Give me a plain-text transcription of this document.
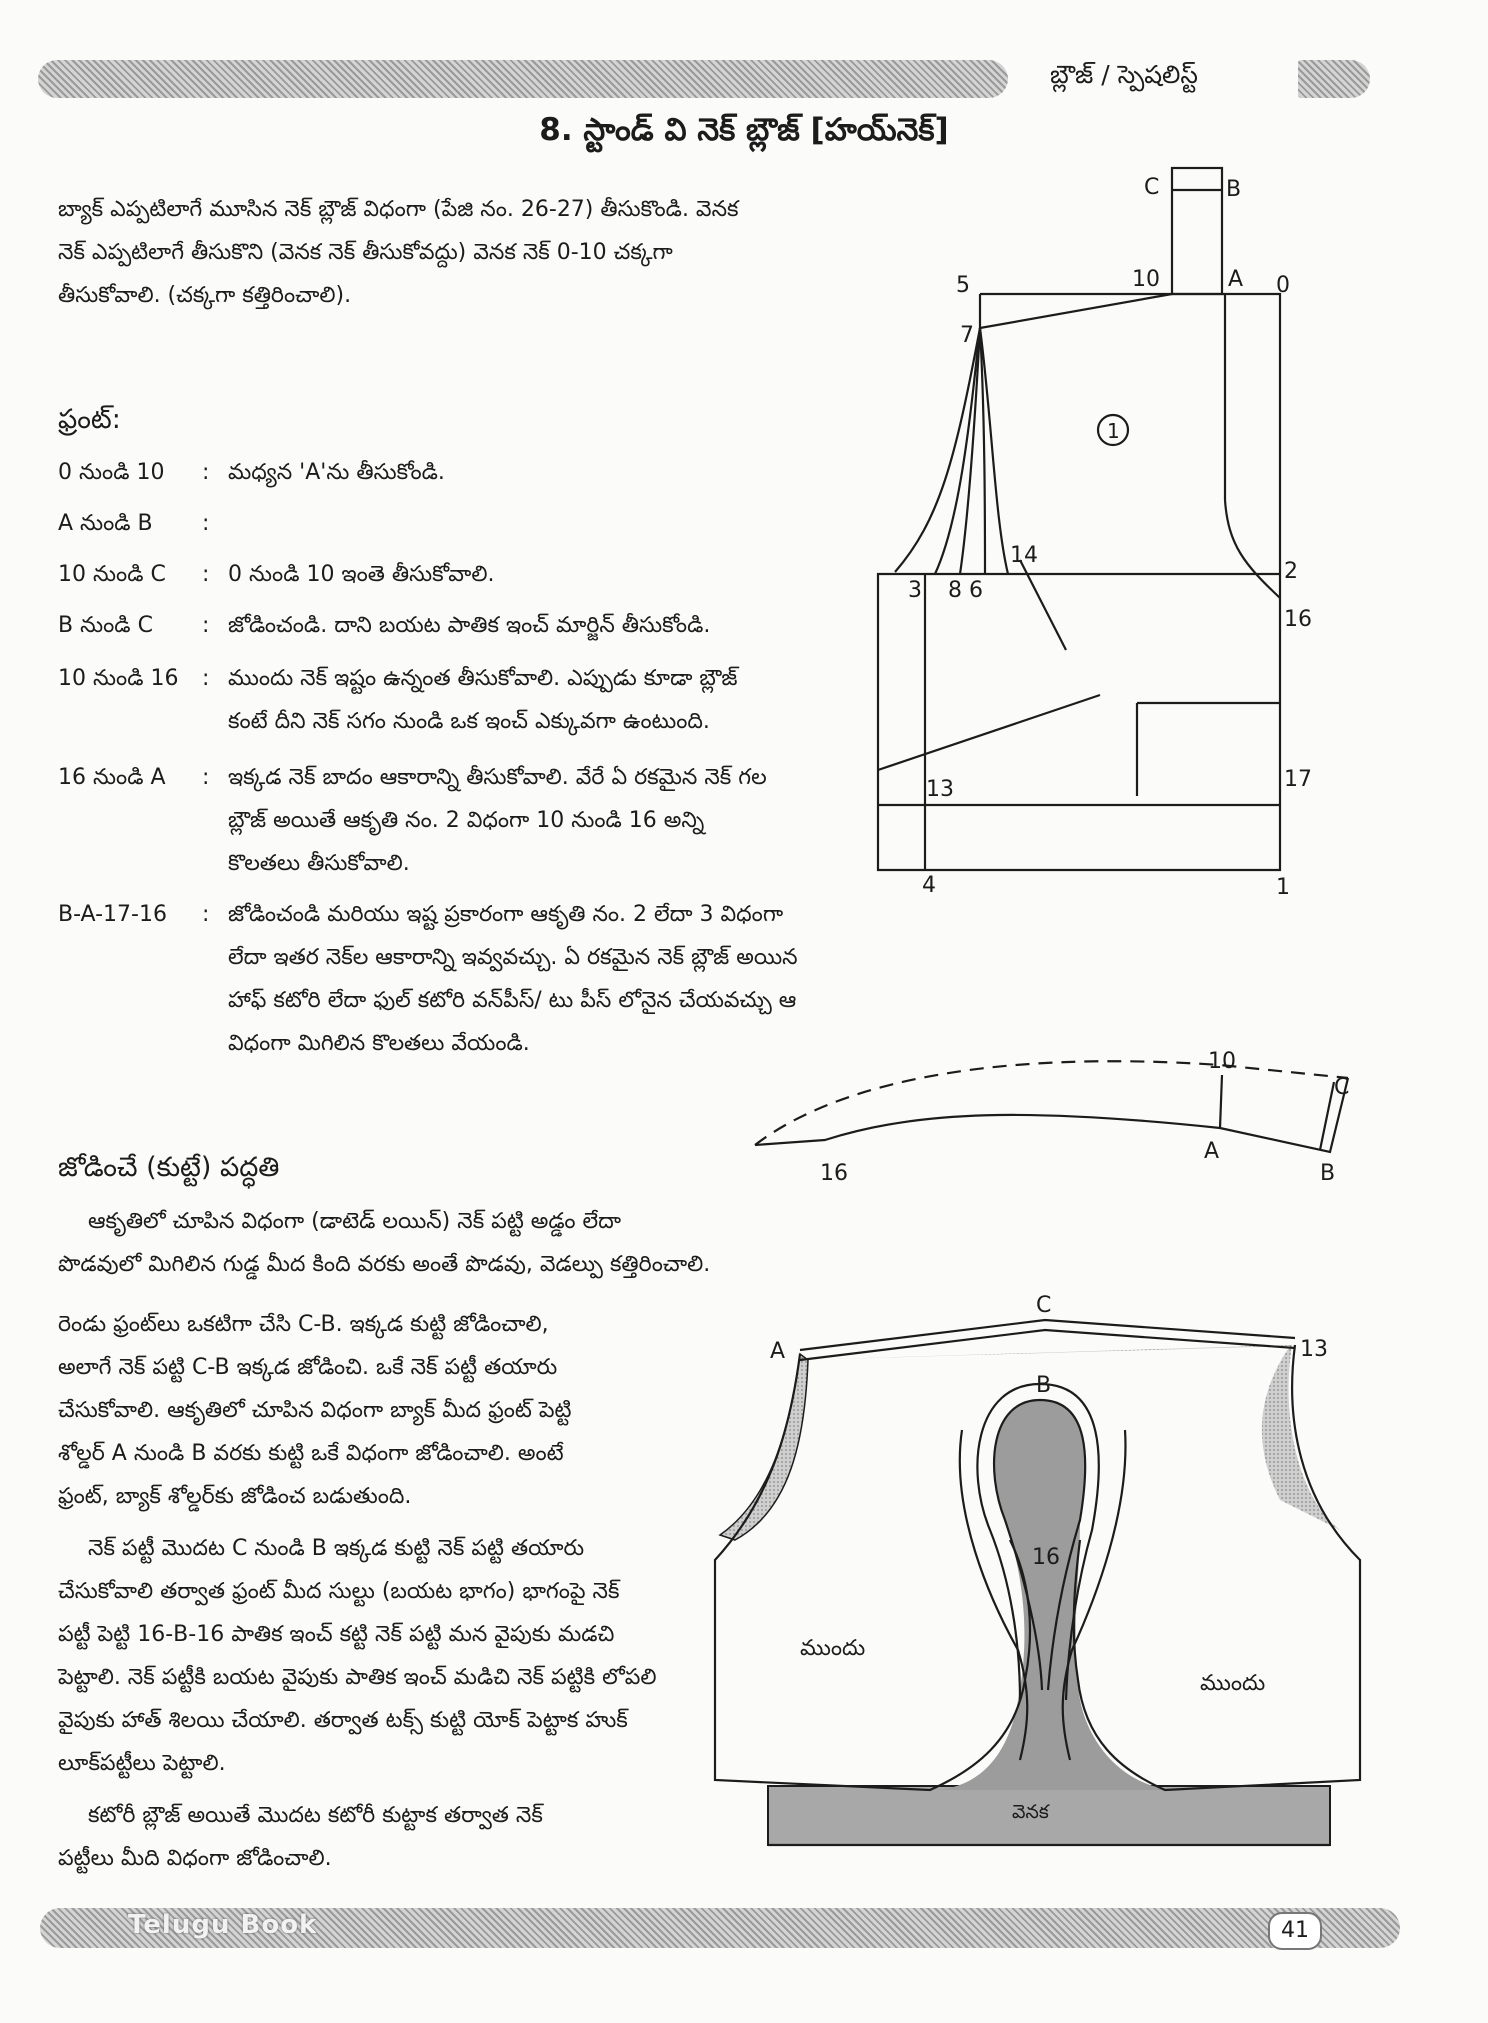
బ్లౌజ్ / స్పెషలిస్ట్
8. స్టాండ్ వి నెక్ బ్లౌజ్ [హయ్‌నెక్]
బ్యాక్ ఎప్పటిలాగే మూసిన నెక్ బ్లౌజ్ విధంగా (పేజి నం. 26-27) తీసుకొండి. వెనక
నెక్ ఎప్పటిలాగే తీసుకొని (వెనక నెక్ తీసుకోవద్దు) వెనక నెక్ 0-10 చక్కగా
తీసుకోవాలి. (చక్కగా కత్తిరించాలి).
ఫ్రంట్:
0 నుండి 10 : మధ్యన 'A'ను తీసుకోండి.
A నుండి B :
10 నుండి C : 0 నుండి 10 ఇంతె తీసుకోవాలి.
B నుండి C : జోడించండి. దాని బయట పాతిక ఇంచ్ మార్జిన్ తీసుకోండి.
10 నుండి 16 : ముందు నెక్ ఇష్టం ఉన్నంత తీసుకోవాలి. ఎప్పుడు కూడా బ్లౌజ్
కంటే దీని నెక్ సగం నుండి ఒక ఇంచ్ ఎక్కువగా ఉంటుంది.
16 నుండి A : ఇక్కడ నెక్ బాదం ఆకారాన్ని తీసుకోవాలి. వేరే ఏ రకమైన నెక్ గల
బ్లౌజ్ అయితే ఆకృతి నం. 2 విధంగా 10 నుండి 16 అన్ని
కొలతలు తీసుకోవాలి.
B-A-17-16 : జోడించండి మరియు ఇష్ట ప్రకారంగా ఆకృతి నం. 2 లేదా 3 విధంగా
లేదా ఇతర నెక్‌ల ఆకారాన్ని ఇవ్వవచ్చు. ఏ రకమైన నెక్ బ్లౌజ్ అయిన
హాఫ్ కటోరి లేదా ఫుల్ కటోరి వన్‌పీస్/ టు పీస్ లోనైన చేయవచ్చు ఆ
విధంగా మిగిలిన కొలతలు వేయండి.
జోడించే (కుట్టే) పద్ధతి
ఆకృతిలో చూపిన విధంగా (డాటెడ్ లయిన్) నెక్ పట్టి అడ్డం లేదా
పొడవులో మిగిలిన గుడ్డ మీద కింది వరకు అంతే పొడవు, వెడల్పు కత్తిరించాలి.
రెండు ఫ్రంట్‌లు ఒకటిగా చేసి C-B. ఇక్కడ కుట్టి జోడించాలి,
అలాగే నెక్ పట్టి C-B ఇక్కడ జోడించి. ఒకే నెక్ పట్టీ తయారు
చేసుకోవాలి. ఆకృతిలో చూపిన విధంగా బ్యాక్ మీద ఫ్రంట్ పెట్టి
శోల్డర్ A నుండి B వరకు కుట్టి ఒకే విధంగా జోడించాలి. అంటే
ఫ్రంట్, బ్యాక్ శోల్డర్‌కు జోడించ బడుతుంది.
నెక్ పట్టీ మొదట C నుండి B ఇక్కడ కుట్టి నెక్ పట్టి తయారు
చేసుకోవాలి తర్వాత ఫ్రంట్ మీద సుల్టు (బయట భాగం) భాగంపై నెక్
పట్టీ పెట్టి 16-B-16 పాతిక ఇంచ్ కట్టి నెక్ పట్టి మన వైపుకు మడచి
పెట్టాలి. నెక్ పట్టీకి బయట వైపుకు పాతిక ఇంచ్ మడిచి నెక్ పట్టికి లోపలి
వైపుకు హాత్ శిలయి చేయాలి. తర్వాత టక్స్ కుట్టి యోక్ పెట్టాక హుక్
లూక్‌పట్టీలు పెట్టాలి.
కటోరీ బ్లౌజ్ అయితే మొదట కటోరీ కుట్టాక తర్వాత నెక్
పట్టీలు మీది విధంగా జోడించాలి.
C	B
5	10	A 0
7
1
14
2
3 8 6
16
13	17
4	1
10
C
16
A
B
C
A	13
B
16
ముందు
ముందు
వెనక
Telugu Book	41
